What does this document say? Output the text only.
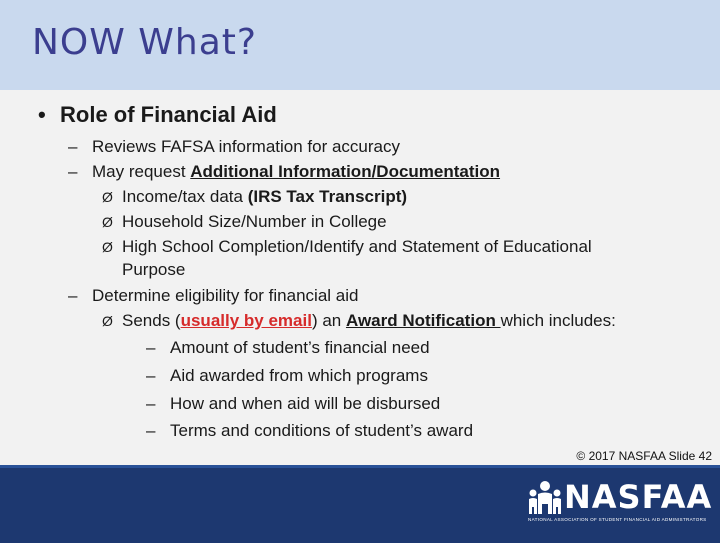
NOW What?
• Role of Financial Aid
– Reviews FAFSA information for accuracy
– May request Additional Information/Documentation
Ø Income/tax data (IRS Tax Transcript)
Ø Household Size/Number in College
Ø High School Completion/Identify and Statement of Educational
Purpose
– Determine eligibility for financial aid
Ø Sends (usually by email) an Award Notification which includes:
– Amount of student’s financial need
– Aid awarded from which programs
– How and when aid will be disbursed
– Terms and conditions of student’s award
© 2017 NASFAA Slide 42
NASFAA
NATIONAL ASSOCIATION OF STUDENT FINANCIAL AID ADMINISTRATORS
